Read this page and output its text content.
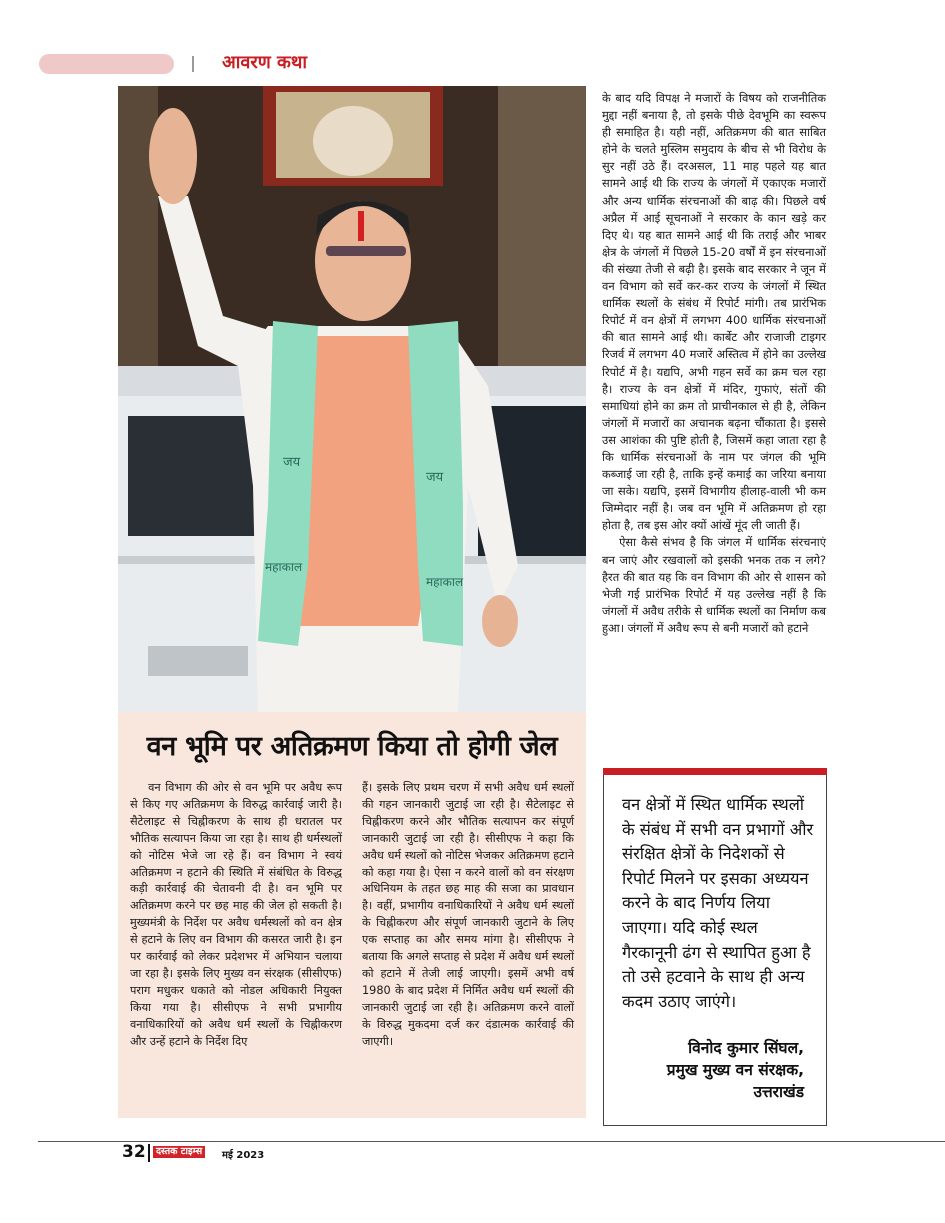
आवरण कथा
जय
जय
महाकाल
महाकाल

के बाद यदि विपक्ष ने मजारों के विषय को राजनीतिक मुद्दा नहीं बनाया है, तो इसके पीछे देवभूमि का स्वरूप ही समाहित है। यही नहीं, अतिक्रमण की बात साबित होने के चलते मुस्लिम समुदाय के बीच से भी विरोध के सुर नहीं उठे हैं। दरअसल, 11 माह पहले यह बात सामने आई थी कि राज्य के जंगलों में एकाएक मजारों और अन्य धार्मिक संरचनाओं की बाढ़ की। पिछले वर्ष अप्रैल में आई सूचनाओं ने सरकार के कान खड़े कर दिए थे। यह बात सामने आई थी कि तराई और भाबर क्षेत्र के जंगलों में पिछले 15-20 वर्षों में इन संरचनाओं की संख्या तेजी से बढ़ी है। इसके बाद सरकार ने जून में वन विभाग को सर्वे कर-कर राज्य के जंगलों में स्थित धार्मिक स्थलों के संबंध में रिपोर्ट मांगी। तब प्रारंभिक रिपोर्ट में वन क्षेत्रों में लगभग 400 धार्मिक संरचनाओं की बात सामने आई थी। कार्बेट और राजाजी टाइगर रिजर्व में लगभग 40 मजारें अस्तित्व में होने का उल्लेख रिपोर्ट में है। यद्यपि, अभी गहन सर्वे का क्रम चल रहा है। राज्य के वन क्षेत्रों में मंदिर, गुफाएं, संतों की समाधियां होने का क्रम तो प्राचीनकाल से ही है, लेकिन जंगलों में मजारों का अचानक बढ़ना चौंकाता है। इससे उस आशंका की पुष्टि होती है, जिसमें कहा जाता रहा है कि धार्मिक संरचनाओं के नाम पर जंगल की भूमि कब्जाई जा रही है, ताकि इन्हें कमाई का जरिया बनाया जा सके। यद्यपि, इसमें विभागीय हीलाह-वाली भी कम जिम्मेदार नहीं है। जब वन भूमि में अतिक्रमण हो रहा होता है, तब इस ओर क्यों आंखें मूंद ली जाती हैं।

ऐसा कैसे संभव है कि जंगल में धार्मिक संरचनाएं बन जाएं और रखवालों को इसकी भनक तक न लगे? हैरत की बात यह कि वन विभाग की ओर से शासन को भेजी गई प्रारंभिक रिपोर्ट में यह उल्लेख नहीं है कि जंगलों में अवैध तरीके से धार्मिक स्थलों का निर्माण कब हुआ। जंगलों में अवैध रूप से बनी मजारों को हटाने

वन भूमि पर अतिक्रमण किया तो होगी जेल

वन विभाग की ओर से वन भूमि पर अवैध रूप से किए गए अतिक्रमण के विरुद्ध कार्रवाई जारी है। सैटेलाइट से चिह्नीकरण के साथ ही धरातल पर भौतिक सत्यापन किया जा रहा है। साथ ही धर्मस्थलों को नोटिस भेजे जा रहे हैं। वन विभाग ने स्वयं अतिक्रमण न हटाने की स्थिति में संबंधित के विरुद्ध कड़ी कार्रवाई की चेतावनी दी है। वन भूमि पर अतिक्रमण करने पर छह माह की जेल हो सकती है। मुख्यमंत्री के निर्देश पर अवैध धर्मस्थलों को वन क्षेत्र से हटाने के लिए वन विभाग की कसरत जारी है। इन पर कार्रवाई को लेकर प्रदेशभर में अभियान चलाया जा रहा है। इसके लिए मुख्य वन संरक्षक (सीसीएफ) पराग मधुकर धकाते को नोडल अधिकारी नियुक्त किया गया है। सीसीएफ ने सभी प्रभागीय वनाधिकारियों को अवैध धर्म स्थलों के चिह्नीकरण और उन्हें हटाने के निर्देश दिए

हैं। इसके लिए प्रथम चरण में सभी अवैध धर्म स्थलों की गहन जानकारी जुटाई जा रही है। सैटेलाइट से चिह्नीकरण करने और भौतिक सत्यापन कर संपूर्ण जानकारी जुटाई जा रही है। सीसीएफ ने कहा कि अवैध धर्म स्थलों को नोटिस भेजकर अतिक्रमण हटाने को कहा गया है। ऐसा न करने वालों को वन संरक्षण अधिनियम के तहत छह माह की सजा का प्रावधान है। वहीं, प्रभागीय वनाधिकारियों ने अवैध धर्म स्थलों के चिह्नीकरण और संपूर्ण जानकारी जुटाने के लिए एक सप्ताह का और समय मांगा है। सीसीएफ ने बताया कि अगले सप्ताह से प्रदेश में अवैध धर्म स्थलों को हटाने में तेजी लाई जाएगी। इसमें अभी वर्ष 1980 के बाद प्रदेश में निर्मित अवैध धर्म स्थलों की जानकारी जुटाई जा रही है। अतिक्रमण करने वालों के विरुद्ध मुकदमा दर्ज कर दंडात्मक कार्रवाई की जाएगी।

वन क्षेत्रों में स्थित धार्मिक स्थलों के संबंध में सभी वन प्रभागों और संरक्षित क्षेत्रों के निदेशकों से रिपोर्ट मिलने पर इसका अध्ययन करने के बाद निर्णय लिया जाएगा। यदि कोई स्थल गैरकानूनी ढंग से स्थापित हुआ है तो उसे हटवाने के साथ ही अन्य कदम उठाए जाएंगे।
विनोद कुमार सिंघल,
प्रमुख मुख्य वन संरक्षक,
उत्तराखंड
32	दस्तक टाइम्स	मई 2023
